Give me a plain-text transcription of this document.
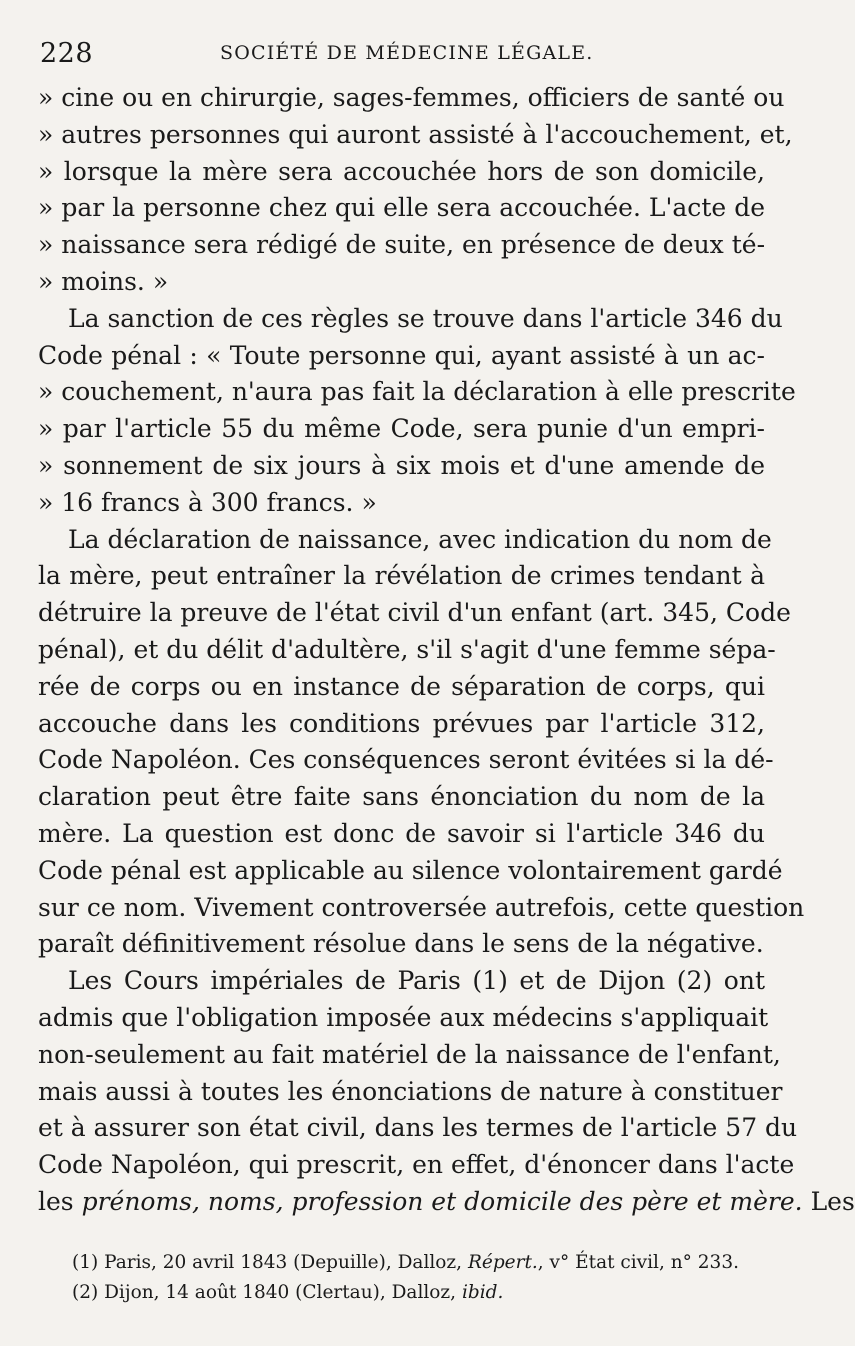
228	SOCIÉTÉ DE MÉDECINE LÉGALE.
» cine ou en chirurgie, sages-femmes, officiers de santé ou
» autres personnes qui auront assisté à l'accouchement, et,
» lorsque la mère sera accouchée hors de son domicile,
» par la personne chez qui elle sera accouchée. L'acte de
» naissance sera rédigé de suite, en présence de deux té-
» moins. »
La sanction de ces règles se trouve dans l'article 346 du
Code pénal : « Toute personne qui, ayant assisté à un ac-
» couchement, n'aura pas fait la déclaration à elle prescrite
» par l'article 55 du même Code, sera punie d'un empri-
» sonnement de six jours à six mois et d'une amende de
» 16 francs à 300 francs. »
La déclaration de naissance, avec indication du nom de
la mère, peut entraîner la révélation de crimes tendant à
détruire la preuve de l'état civil d'un enfant (art. 345, Code
pénal), et du délit d'adultère, s'il s'agit d'une femme sépa-
rée de corps ou en instance de séparation de corps, qui
accouche dans les conditions prévues par l'article 312,
Code Napoléon. Ces conséquences seront évitées si la dé-
claration peut être faite sans énonciation du nom de la
mère. La question est donc de savoir si l'article 346 du
Code pénal est applicable au silence volontairement gardé
sur ce nom. Vivement controversée autrefois, cette question
paraît définitivement résolue dans le sens de la négative.
Les Cours impériales de Paris (1) et de Dijon (2) ont
admis que l'obligation imposée aux médecins s'appliquait
non-seulement au fait matériel de la naissance de l'enfant,
mais aussi à toutes les énonciations de nature à constituer
et à assurer son état civil, dans les termes de l'article 57 du
Code Napoléon, qui prescrit, en effet, d'énoncer dans l'acte
les prénoms, noms, profession et domicile des père et mère. Les
(1) Paris, 20 avril 1843 (Depuille), Dalloz, Répert., v° État civil, n° 233.
(2) Dijon, 14 août 1840 (Clertau), Dalloz, ibid.
